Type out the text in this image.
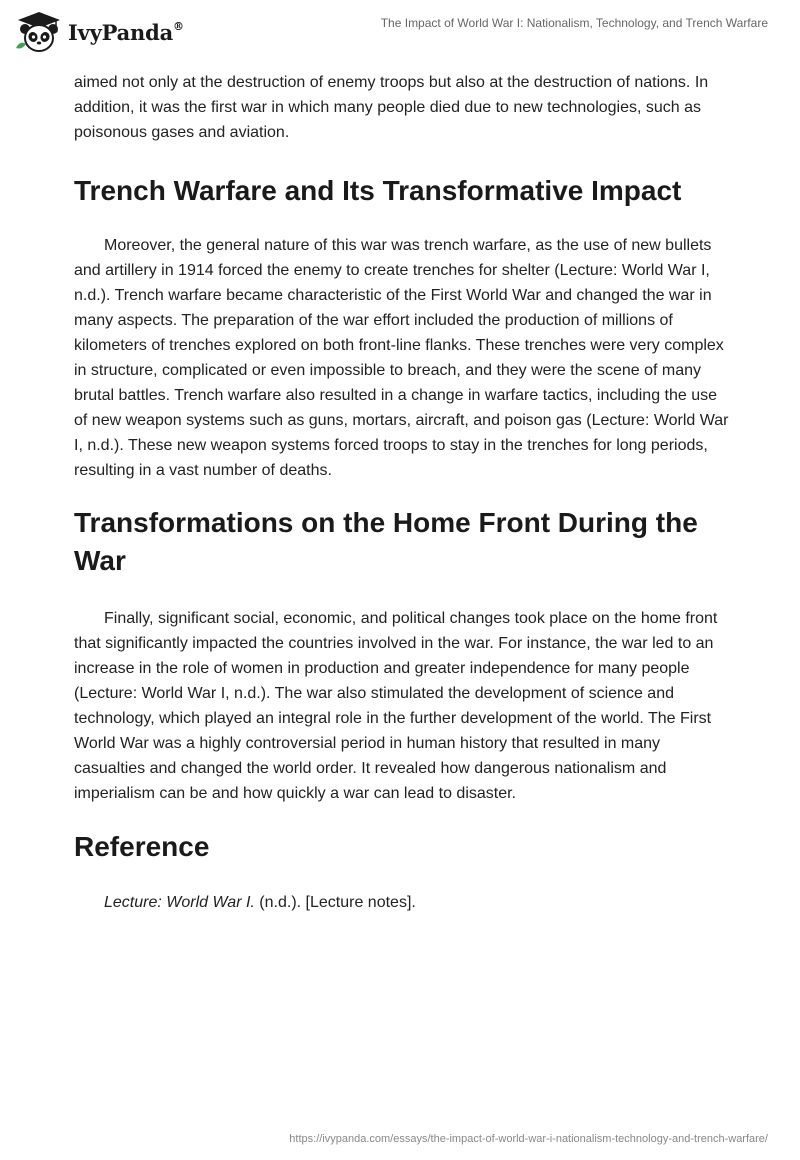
IvyPanda®	The Impact of World War I: Nationalism, Technology, and Trench Warfare

aimed not only at the destruction of enemy troops but also at the destruction of nations. In addition, it was the first war in which many people died due to new technologies, such as poisonous gases and aviation.

Trench Warfare and Its Transformative Impact

Moreover, the general nature of this war was trench warfare, as the use of new bullets and artillery in 1914 forced the enemy to create trenches for shelter (Lecture: World War I, n.d.). Trench warfare became characteristic of the First World War and changed the war in many aspects. The preparation of the war effort included the production of millions of kilometers of trenches explored on both front-line flanks. These trenches were very complex in structure, complicated or even impossible to breach, and they were the scene of many brutal battles. Trench warfare also resulted in a change in warfare tactics, including the use of new weapon systems such as guns, mortars, aircraft, and poison gas (Lecture: World War I, n.d.). These new weapon systems forced troops to stay in the trenches for long periods, resulting in a vast number of deaths.

Transformations on the Home Front During the War

Finally, significant social, economic, and political changes took place on the home front that significantly impacted the countries involved in the war. For instance, the war led to an increase in the role of women in production and greater independence for many people (Lecture: World War I, n.d.). The war also stimulated the development of science and technology, which played an integral role in the further development of the world. The First World War was a highly controversial period in human history that resulted in many casualties and changed the world order. It revealed how dangerous nationalism and imperialism can be and how quickly a war can lead to disaster.

Reference

Lecture: World War I. (n.d.). [Lecture notes].

https://ivypanda.com/essays/the-impact-of-world-war-i-nationalism-technology-and-trench-warfare/
